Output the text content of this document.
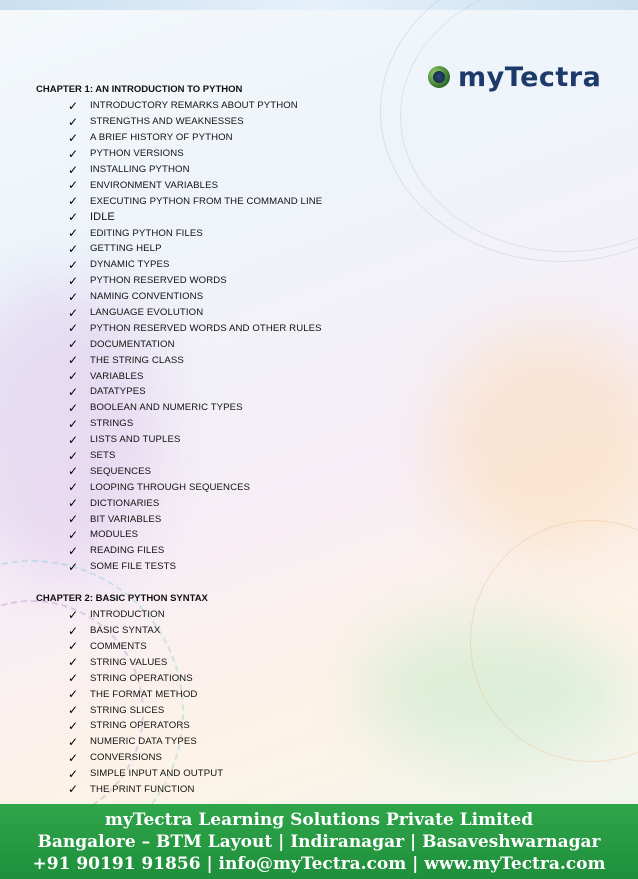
myTectra
CHAPTER 1: AN INTRODUCTION TO PYTHON
✓	INTRODUCTORY REMARKS ABOUT PYTHON
✓	STRENGTHS AND WEAKNESSES
✓	A BRIEF HISTORY OF PYTHON
✓	PYTHON VERSIONS
✓	INSTALLING PYTHON
✓	ENVIRONMENT VARIABLES
✓	EXECUTING PYTHON FROM THE COMMAND LINE
✓	IDLE
✓	EDITING PYTHON FILES
✓	GETTING HELP
✓	DYNAMIC TYPES
✓	PYTHON RESERVED WORDS
✓	NAMING CONVENTIONS
✓	LANGUAGE EVOLUTION
✓	PYTHON RESERVED WORDS AND OTHER RULES
✓	DOCUMENTATION
✓	THE STRING CLASS
✓	VARIABLES
✓	DATATYPES
✓	BOOLEAN AND NUMERIC TYPES
✓	STRINGS
✓	LISTS AND TUPLES
✓	SETS
✓	SEQUENCES
✓	LOOPING THROUGH SEQUENCES
✓	DICTIONARIES
✓	BIT VARIABLES
✓	MODULES
✓	READING FILES
✓	SOME FILE TESTS
CHAPTER 2: BASIC PYTHON SYNTAX
✓	INTRODUCTION
✓	BASIC SYNTAX
✓	COMMENTS
✓	STRING VALUES
✓	STRING OPERATIONS
✓	THE FORMAT METHOD
✓	STRING SLICES
✓	STRING OPERATORS
✓	NUMERIC DATA TYPES
✓	CONVERSIONS
✓	SIMPLE INPUT AND OUTPUT
✓	THE PRINT FUNCTION
myTectra Learning Solutions Private Limited
Bangalore – BTM Layout | Indiranagar | Basaveshwarnagar
+91 90191 91856 | info@myTectra.com | www.myTectra.com
